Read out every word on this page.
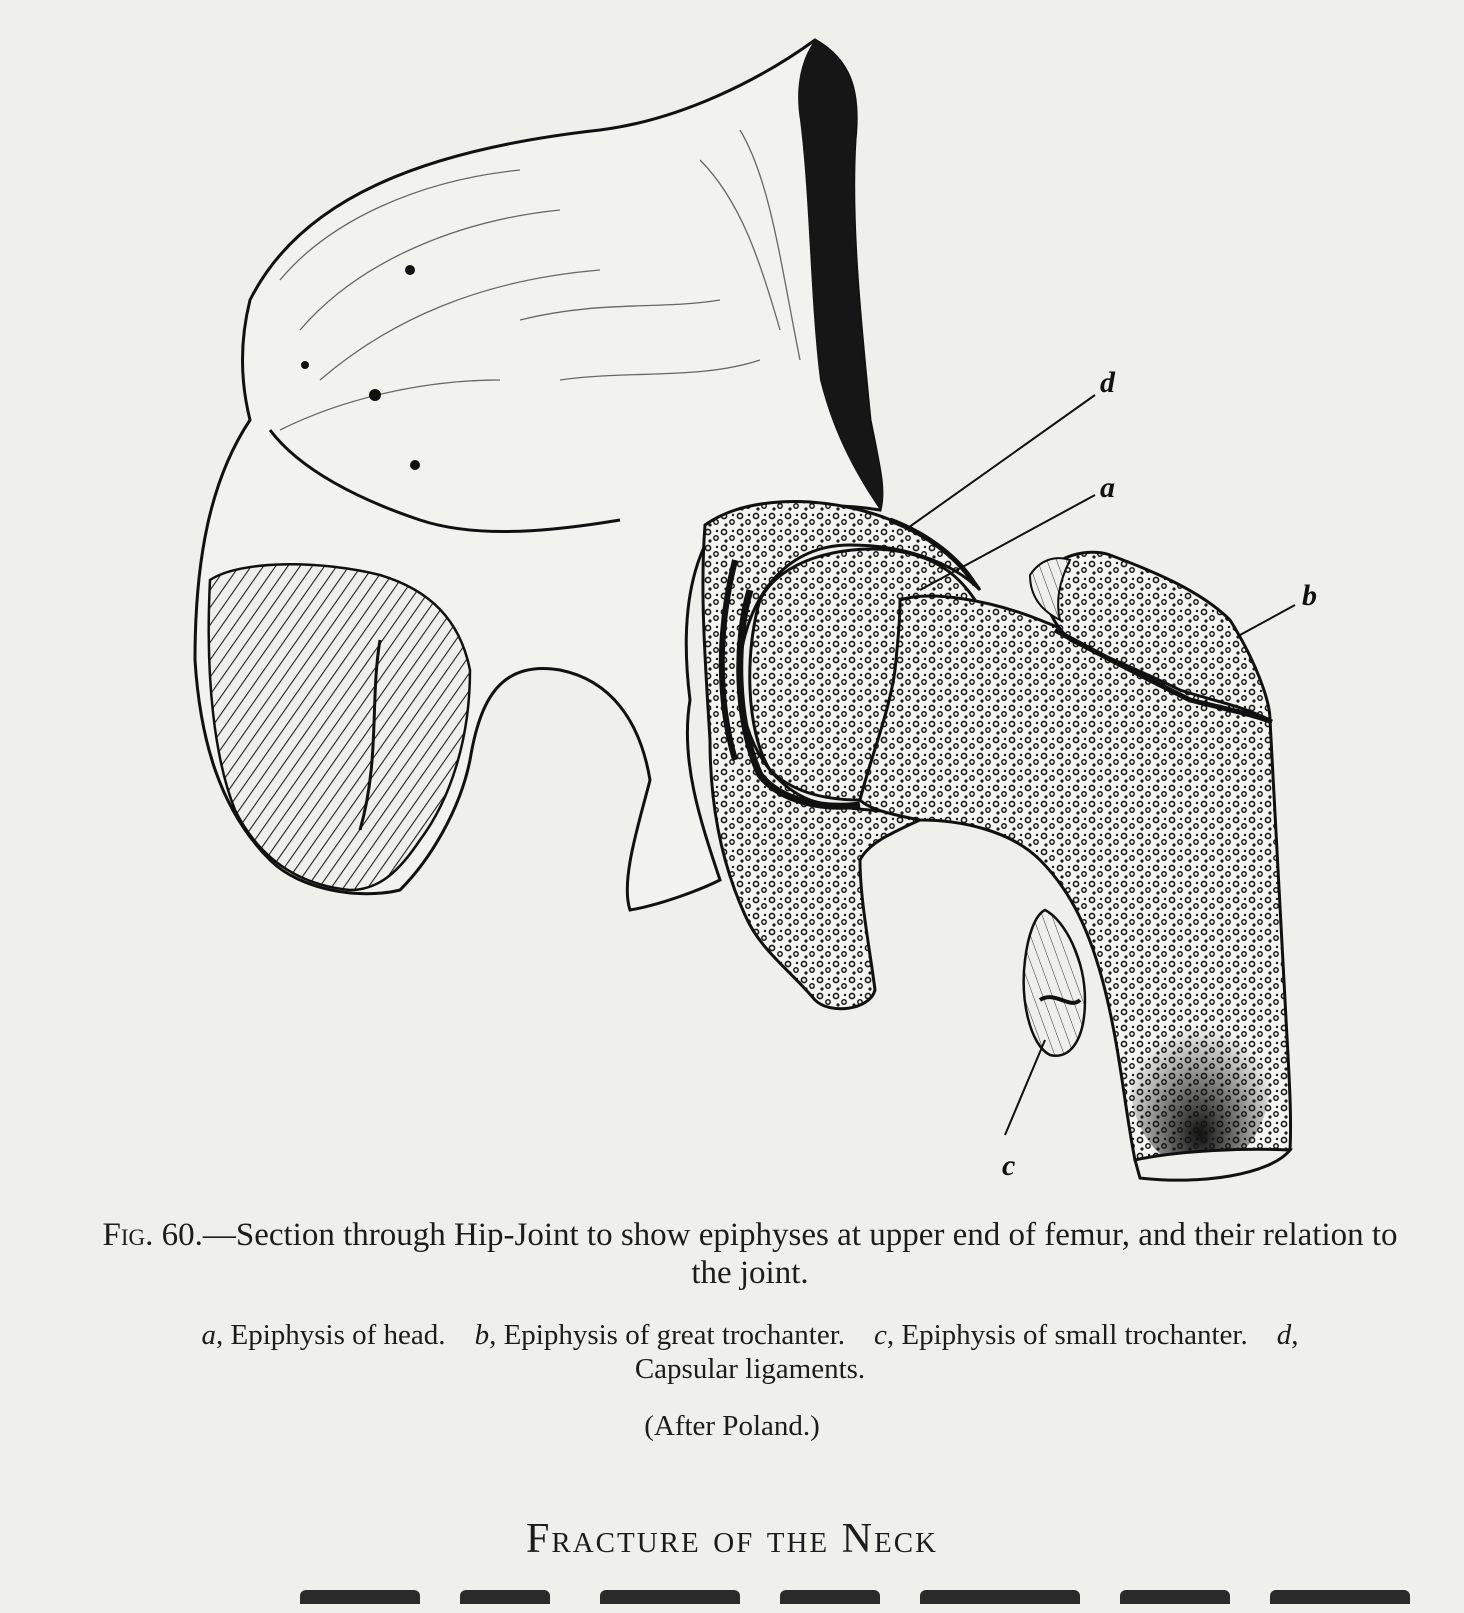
d
a
b
c
Fig. 60.—Section through Hip-Joint to show epiphyses at upper end of femur, and their relation to the joint.
a, Epiphysis of head. b, Epiphysis of great trochanter. c, Epiphysis of small trochanter. d, Capsular ligaments.
(After Poland.)
Fracture of the Neck
